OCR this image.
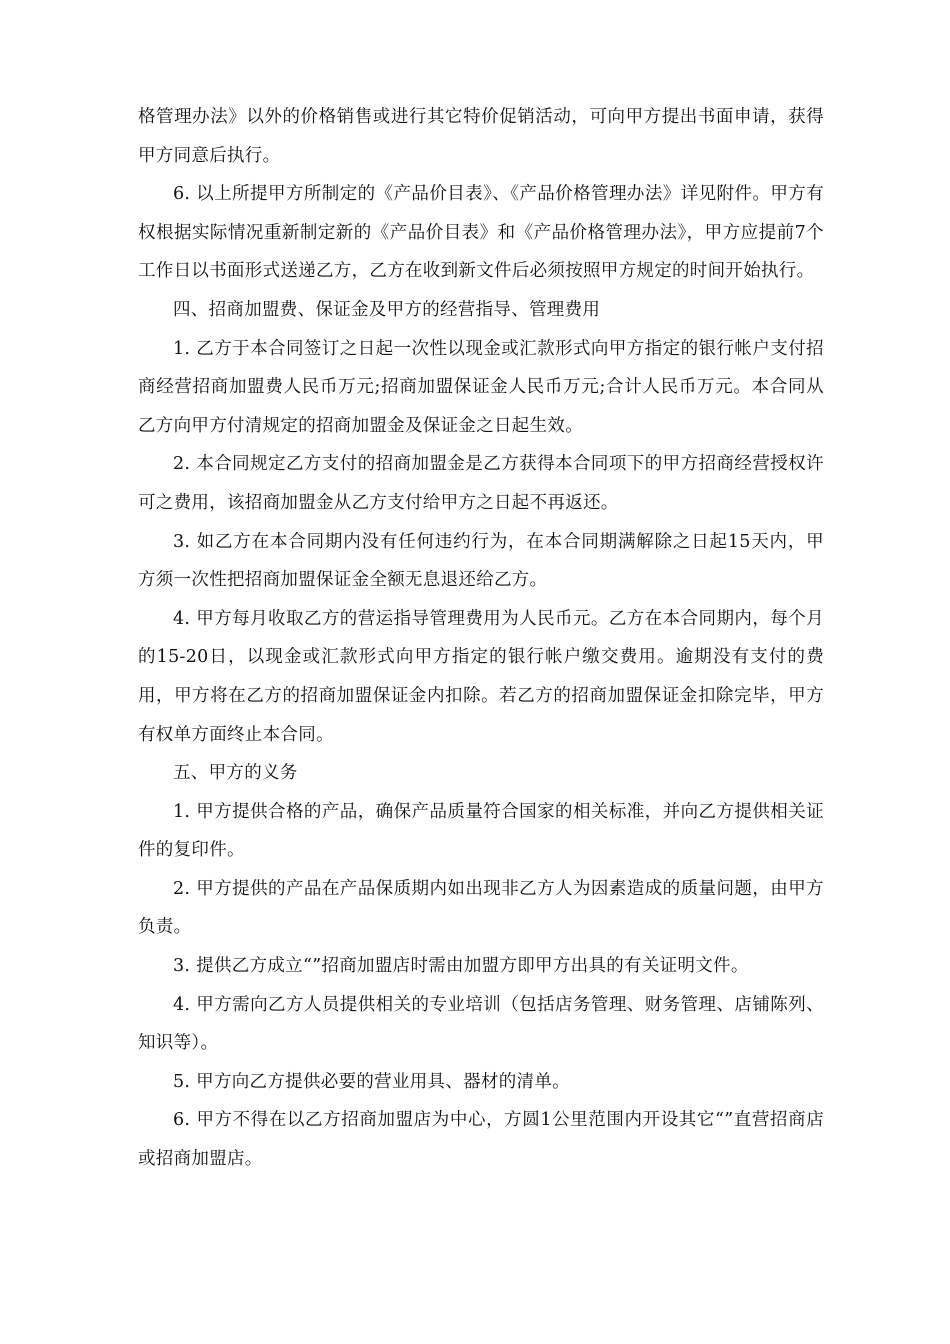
格管理办法》以外的价格销售或进行其它特价促销活动，可向甲方提出书面申请，获得甲方同意后执行。

6. 以上所提甲方所制定的《产品价目表》、《产品价格管理办法》详见附件。甲方有权根据实际情况重新制定新的《产品价目表》和《产品价格管理办法》，甲方应提前7个工作日以书面形式送递乙方，乙方在收到新文件后必须按照甲方规定的时间开始执行。

四、招商加盟费、保证金及甲方的经营指导、管理费用

1. 乙方于本合同签订之日起一次性以现金或汇款形式向甲方指定的银行帐户支付招商经营招商加盟费人民币万元;招商加盟保证金人民币万元;合计人民币万元。本合同从乙方向甲方付清规定的招商加盟金及保证金之日起生效。

2. 本合同规定乙方支付的招商加盟金是乙方获得本合同项下的甲方招商经营授权许可之费用，该招商加盟金从乙方支付给甲方之日起不再返还。

3. 如乙方在本合同期内没有任何违约行为，在本合同期满解除之日起15天内，甲方须一次性把招商加盟保证金全额无息退还给乙方。

4. 甲方每月收取乙方的营运指导管理费用为人民币元。乙方在本合同期内，每个月的15-20日，以现金或汇款形式向甲方指定的银行帐户缴交费用。逾期没有支付的费用，甲方将在乙方的招商加盟保证金内扣除。若乙方的招商加盟保证金扣除完毕，甲方有权单方面终止本合同。

五、甲方的义务

1. 甲方提供合格的产品，确保产品质量符合国家的相关标准，并向乙方提供相关证件的复印件。

2. 甲方提供的产品在产品保质期内如出现非乙方人为因素造成的质量问题，由甲方负责。

3. 提供乙方成立“”招商加盟店时需由加盟方即甲方出具的有关证明文件。

4. 甲方需向乙方人员提供相关的专业培训（包括店务管理、财务管理、店铺陈列、知识等）。

5. 甲方向乙方提供必要的营业用具、器材的清单。

6. 甲方不得在以乙方招商加盟店为中心，方圆1公里范围内开设其它“”直营招商店或招商加盟店。
